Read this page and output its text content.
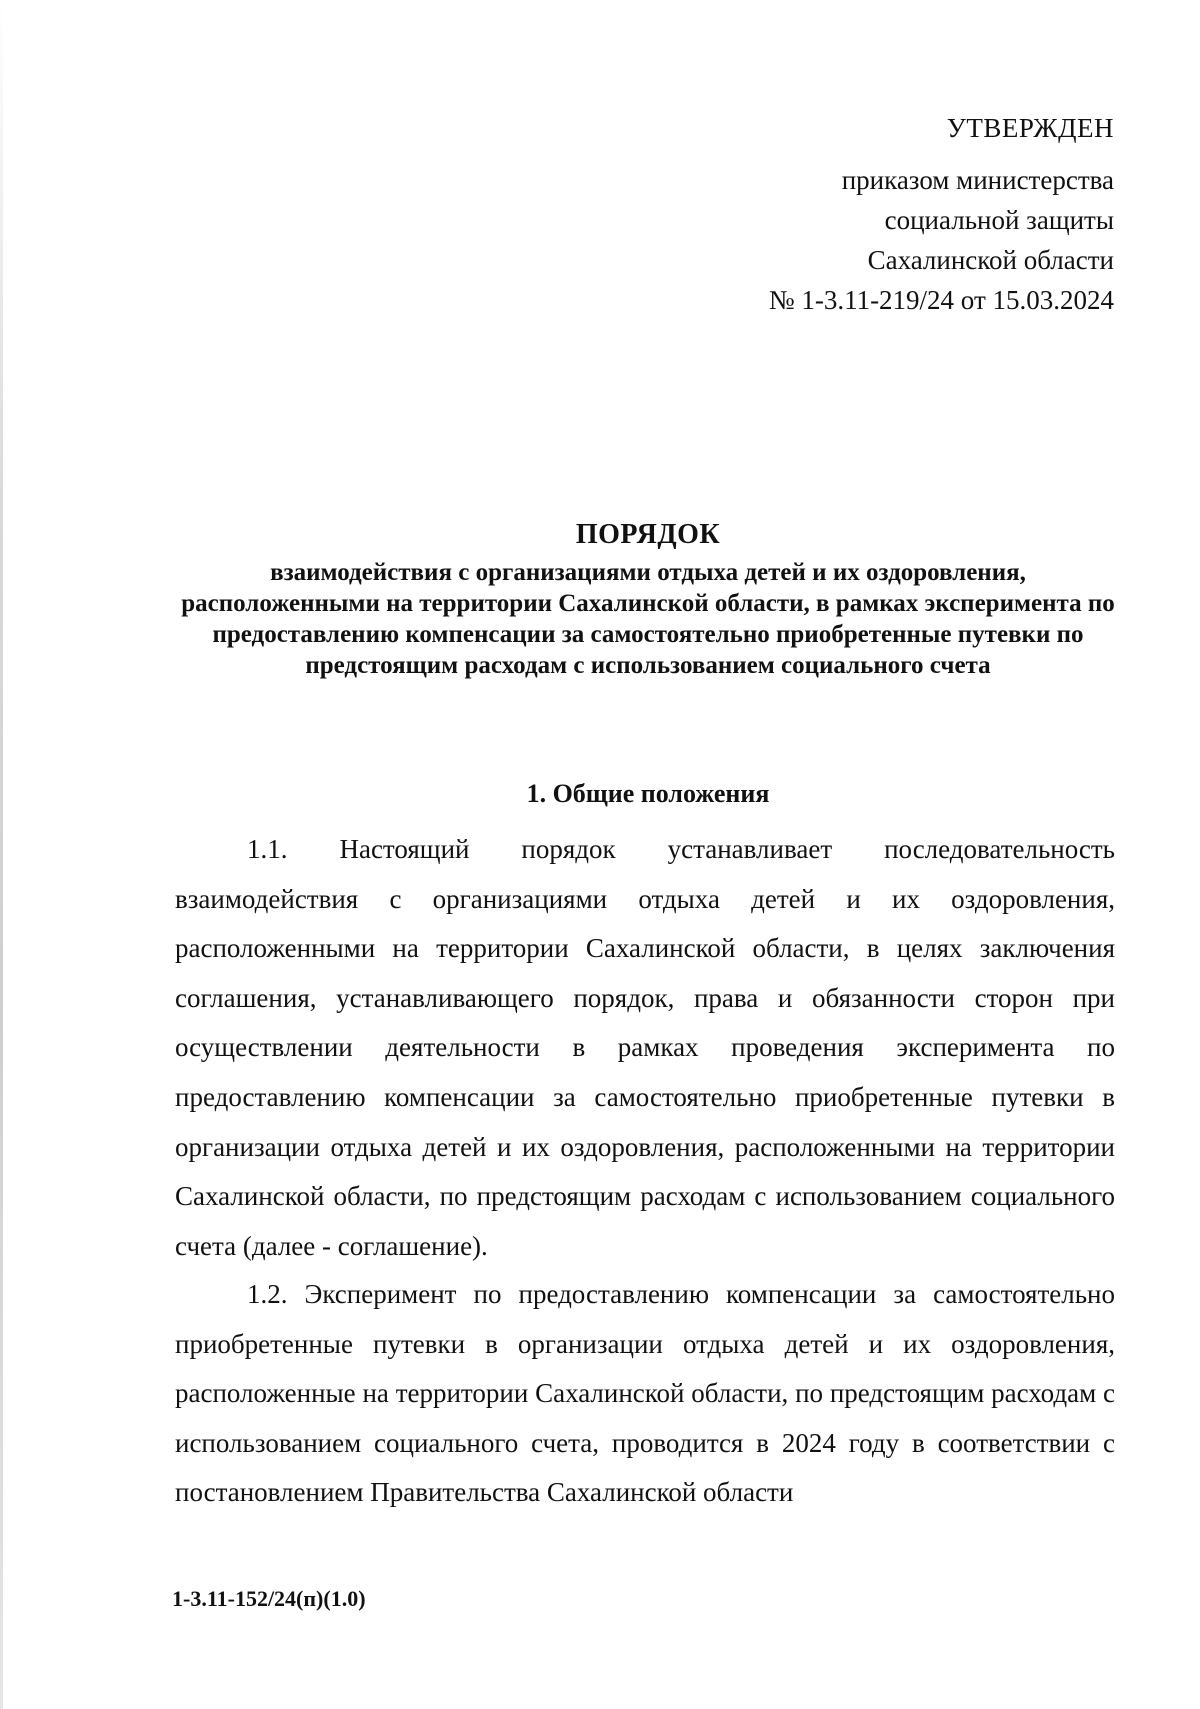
УТВЕРЖДЕН
приказом министерства
социальной защиты
Сахалинской области
№ 1-3.11-219/24 от 15.03.2024
ПОРЯДОК
взаимодействия с организациями отдыха детей и их оздоровления, расположенными на территории Сахалинской области, в рамках эксперимента по предоставлению компенсации за самостоятельно приобретенные путевки по предстоящим расходам с использованием социального счета
1. Общие положения

1.1. Настоящий порядок устанавливает последовательность взаимодействия с организациями отдыха детей и их оздоровления, расположенными на территории Сахалинской области, в целях заключения соглашения, устанавливающего порядок, права и обязанности сторон при осуществлении деятельности в рамках проведения эксперимента по предоставлению компенсации за самостоятельно приобретенные путевки в организации отдыха детей и их оздоровления, расположенными на территории Сахалинской области, по предстоящим расходам с использованием социального счета (далее - соглашение).

1.2. Эксперимент по предоставлению компенсации за самостоятельно приобретенные путевки в организации отдыха детей и их оздоровления, расположенные на территории Сахалинской области, по предстоящим расходам с использованием социального счета, проводится в 2024 году в соответствии с постановлением Правительства Сахалинской области

1-3.11-152/24(п)(1.0)
